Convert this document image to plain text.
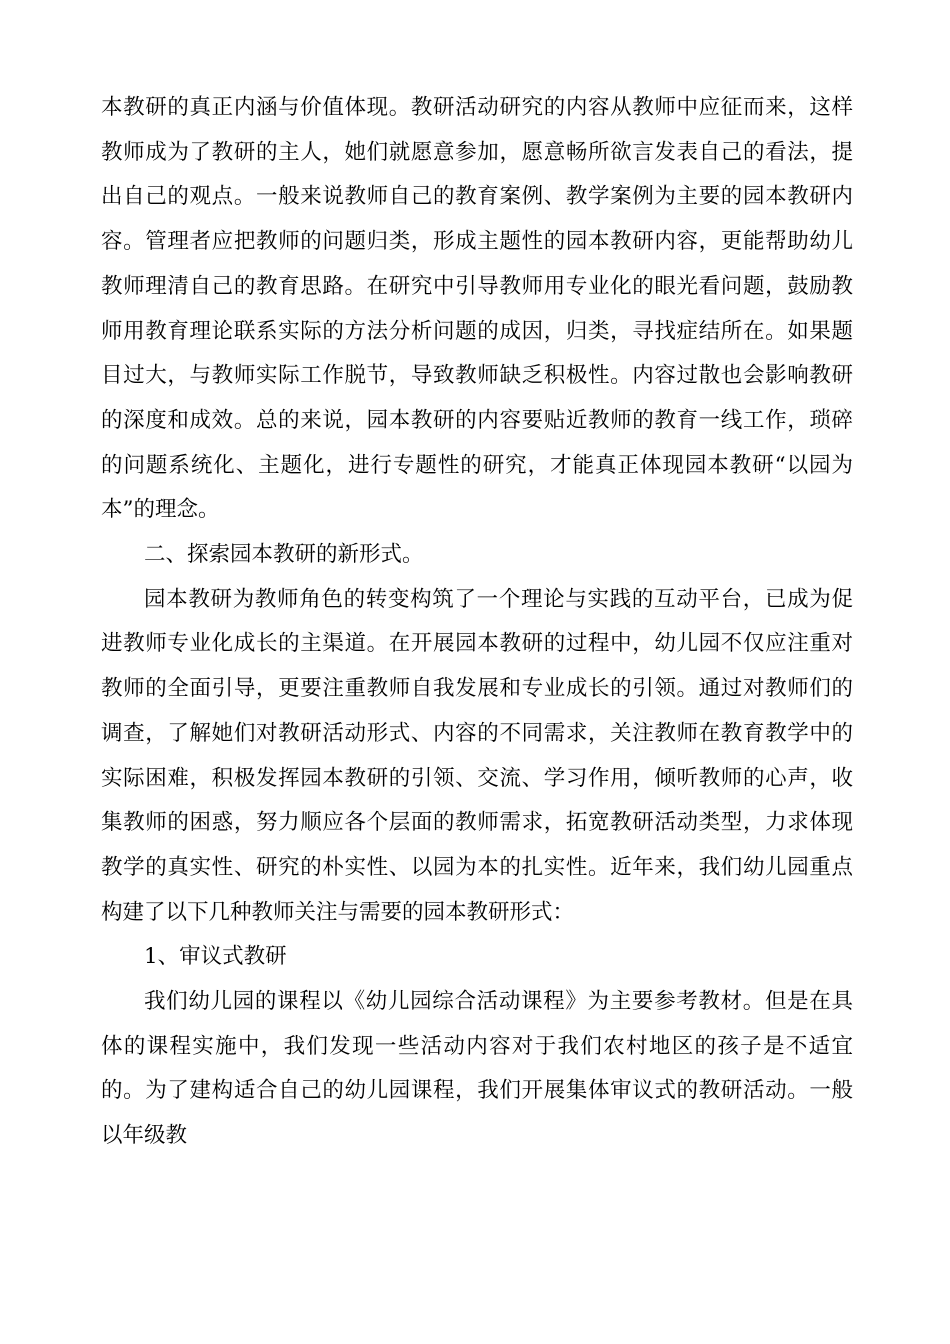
本教研的真正内涵与价值体现。教研活动研究的内容从教师中应征而来，这样教师成为了教研的主人，她们就愿意参加，愿意畅所欲言发表自己的看法，提出自己的观点。一般来说教师自己的教育案例、教学案例为主要的园本教研内容。管理者应把教师的问题归类，形成主题性的园本教研内容，更能帮助幼儿教师理清自己的教育思路。在研究中引导教师用专业化的眼光看问题，鼓励教师用教育理论联系实际的方法分析问题的成因，归类，寻找症结所在。如果题目过大，与教师实际工作脱节，导致教师缺乏积极性。内容过散也会影响教研的深度和成效。总的来说，园本教研的内容要贴近教师的教育一线工作，琐碎的问题系统化、主题化，进行专题性的研究，才能真正体现园本教研“以园为本”的理念。

二、探索园本教研的新形式。

园本教研为教师角色的转变构筑了一个理论与实践的互动平台，已成为促进教师专业化成长的主渠道。在开展园本教研的过程中，幼儿园不仅应注重对教师的全面引导，更要注重教师自我发展和专业成长的引领。通过对教师们的调查，了解她们对教研活动形式、内容的不同需求，关注教师在教育教学中的实际困难，积极发挥园本教研的引领、交流、学习作用，倾听教师的心声，收集教师的困惑，努力顺应各个层面的教师需求，拓宽教研活动类型，力求体现教学的真实性、研究的朴实性、以园为本的扎实性。近年来，我们幼儿园重点构建了以下几种教师关注与需要的园本教研形式：

1、审议式教研

我们幼儿园的课程以《幼儿园综合活动课程》为主要参考教材。但是在具体的课程实施中，我们发现一些活动内容对于我们农村地区的孩子是不适宜的。为了建构适合自己的幼儿园课程，我们开展集体审议式的教研活动。一般以年级教
